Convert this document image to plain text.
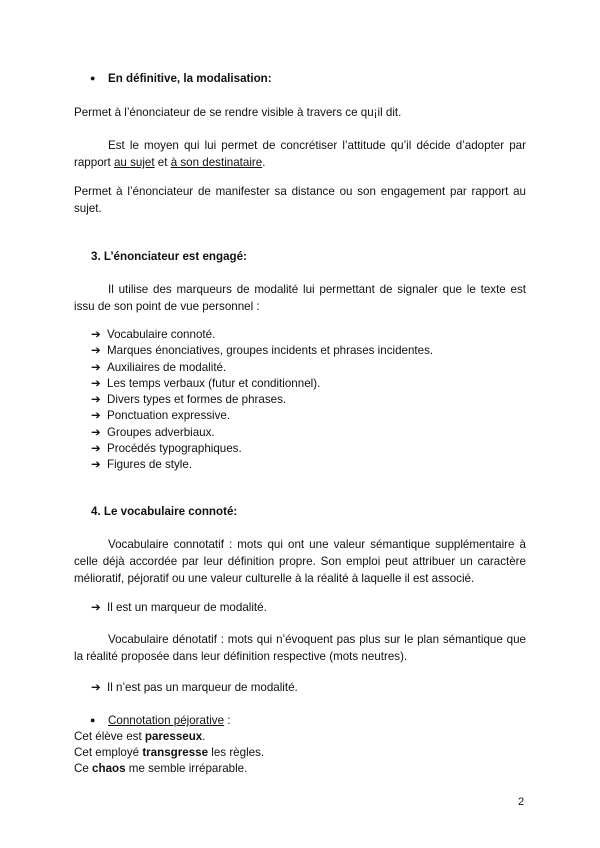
● En définitive, la modalisation:
Permet à l’énonciateur de se rendre visible à travers ce qu¡il dit.
Est le moyen qui lui permet de concrétiser l’attitude qu’il décide d’adopter par rapport au sujet et à son destinataire.
Permet à l’énonciateur de manifester sa distance ou son engagement par rapport au sujet.
3. L’énonciateur est engagé:
Il utilise des marqueurs de modalité lui permettant de signaler que le texte est issu de son point de vue personnel :
➔ Vocabulaire connoté.
➔ Marques énonciatives, groupes incidents et phrases incidentes.
➔ Auxiliaires de modalité.
➔ Les temps verbaux (futur et conditionnel).
➔ Divers types et formes de phrases.
➔ Ponctuation expressive.
➔ Groupes adverbiaux.
➔ Procédés typographiques.
➔ Figures de style.
4. Le vocabulaire connoté:
Vocabulaire connotatif : mots qui ont une valeur sémantique supplémentaire à celle déjà accordée par leur définition propre. Son emploi peut attribuer un caractère mélioratif, péjoratif ou une valeur culturelle à la réalité à laquelle il est associé.
➔ Il est un marqueur de modalité.
Vocabulaire dénotatif : mots qui n’évoquent pas plus sur le plan sémantique que la réalité proposée dans leur définition respective (mots neutres).
➔ Il n’est pas un marqueur de modalité.
● Connotation péjorative :
Cet élève est paresseux.
Cet employé transgresse les règles.
Ce chaos me semble irréparable.
2
